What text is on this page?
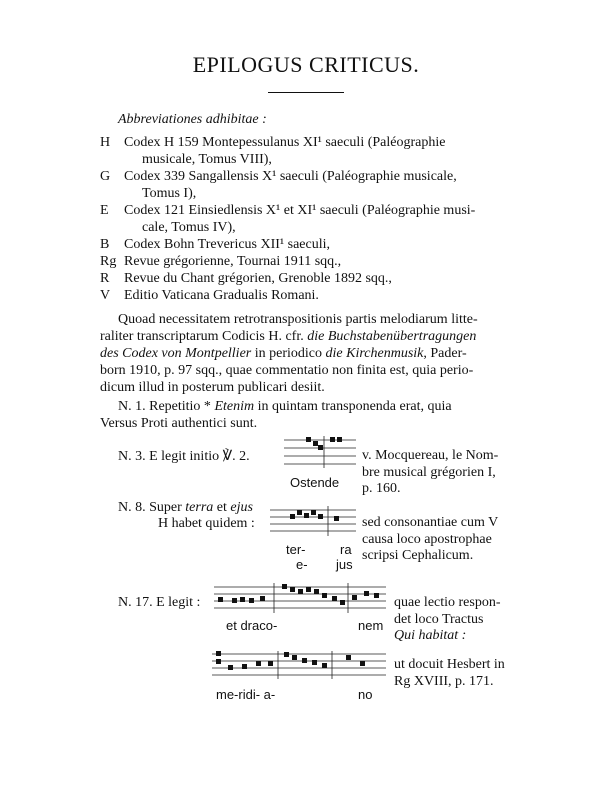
EPILOGUS CRITICUS.
Abbreviationes adhibitae :
H Codex H 159 Montepessulanus XI¹ saeculi (Paléographie
musicale, Tomus VIII),
G Codex 339 Sangallensis X¹ saeculi (Paléographie musicale,
Tomus I),
E Codex 121 Einsiedlensis X¹ et XI¹ saeculi (Paléographie musi-
cale, Tomus IV),
B Codex Bohn Trevericus XII¹ saeculi,
Rg Revue grégorienne, Tournai 1911 sqq.,
R Revue du Chant grégorien, Grenoble 1892 sqq.,
V Editio Vaticana Gradualis Romani.
Quoad necessitatem retrotranspositionis partis melodiarum litte-
raliter transcriptarum Codicis H. cfr. die Buchstabenübertragungen
des Codex von Montpellier in periodico die Kirchenmusik, Pader-
born 1910, p. 97 sqq., quae commentatio non finita est, quia perio-
dicum illud in posterum publicari desiit.
N. 1. Repetitio * Etenim in quintam transponenda erat, quia
Versus Proti authentici sunt.
N. 3. E legit initio ℣. 2.
Ostende
v. Mocquereau, le Nom-
bre musical grégorien I,
p. 160.
N. 8. Super terra et ejus
H habet quidem :
ter-
e-
ra
jus
sed consonantiae cum V
causa loco apostrophae
scripsi Cephalicum.
N. 17. E legit :
et draco-	nem
quae lectio respon-
det loco Tractus
Qui habitat :
me-ridi- a-	no
ut docuit Hesbert in
Rg XVIII, p. 171.
